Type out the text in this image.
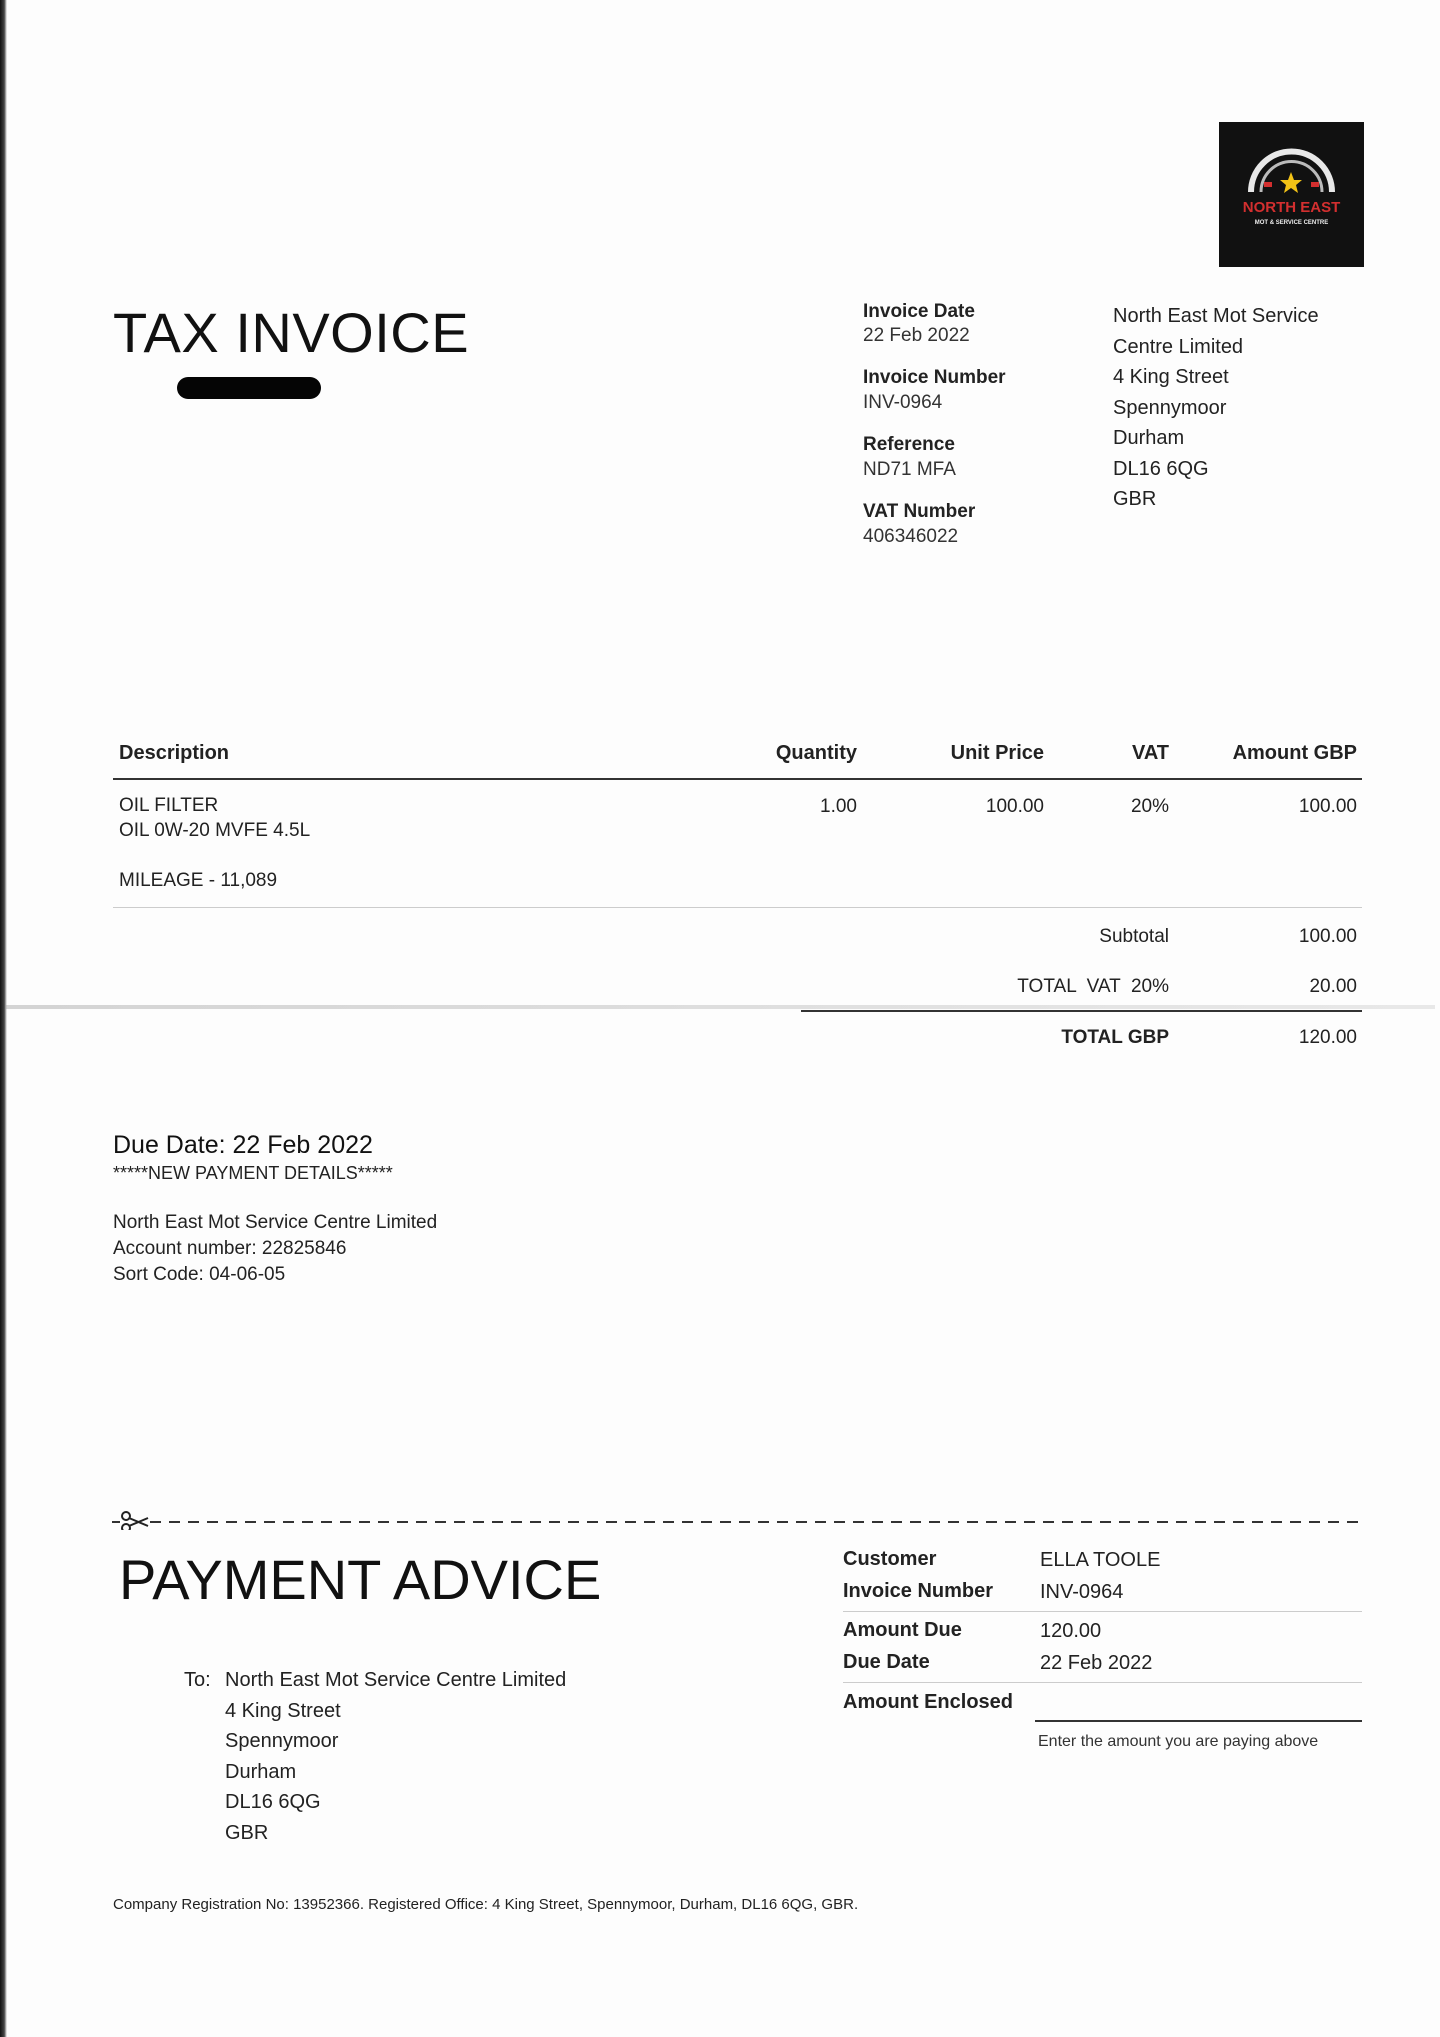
NORTH EAST
MOT & SERVICE CENTRE
TAX INVOICE	Invoice Date
22 Feb 2022
Invoice Number
INV-0964
Reference
ND71 MFA
VAT Number
406346022
North East Mot Service
Centre Limited
4 King Street
Spennymoor
Durham
DL16 6QG
GBR
Description	Quantity	Unit Price	VAT	Amount GBP
OIL FILTER
OIL 0W-20 MVFE 4.5L
1.00	100.00	20%	100.00
MILEAGE - 11,089
Subtotal	100.00
TOTAL  VAT  20%	20.00
TOTAL GBP	120.00
Due Date: 22 Feb 2022
*****NEW PAYMENT DETAILS*****
North East Mot Service Centre Limited
Account number: 22825846
Sort Code: 04-06-05
PAYMENT ADVICE	Customer	ELLA TOOLE
Invoice Number INV-0964
Amount Due	120.00
Due Date	22 Feb 2022
Amount Enclosed
Enter the amount you are paying above
To: North East Mot Service Centre Limited
4 King Street
Spennymoor
Durham
DL16 6QG
GBR
Company Registration No: 13952366. Registered Office: 4 King Street, Spennymoor, Durham, DL16 6QG, GBR.
